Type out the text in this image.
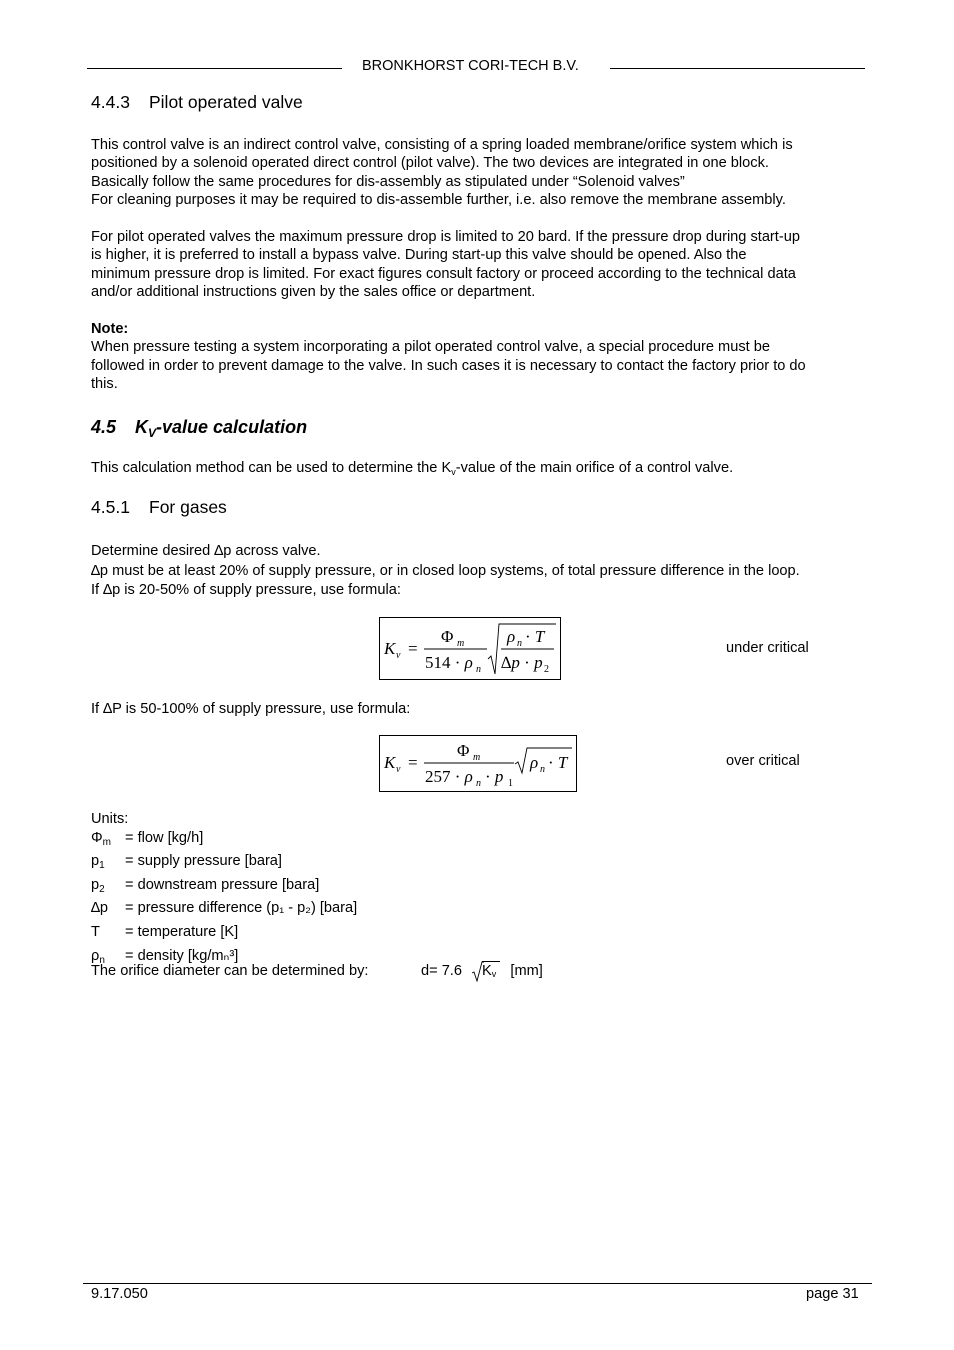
BRONKHORST CORI-TECH B.V.
4.4.3 Pilot operated valve
This control valve is an indirect control valve, consisting of a spring loaded membrane/orifice system which is
positioned by a solenoid operated direct control (pilot valve). The two devices are integrated in one block.
Basically follow the same procedures for dis-assembly as stipulated under “Solenoid valves”
For cleaning purposes it may be required to dis-assemble further, i.e. also remove the membrane assembly.
For pilot operated valves the maximum pressure drop is limited to 20 bard. If the pressure drop during start-up
is higher, it is preferred to install a bypass valve. During start-up this valve should be opened. Also the
minimum pressure drop is limited. For exact figures consult factory or proceed according to the technical data
and/or additional instructions given by the sales office or department.
Note:
When pressure testing a system incorporating a pilot operated control valve, a special procedure must be
followed in order to prevent damage to the valve. In such cases it is necessary to contact the factory prior to do
this.
4.5 $K_V$-value calculation
This calculation method can be used to determine the $K_v$-value of the main orifice of a control valve.
4.5.1 For gases
Determine desired ∆p across valve.
∆p must be at least 20% of supply pressure, or in closed loop systems, of total pressure difference in the loop.
If ∆p is 20-50% of supply pressure, use formula:
K v =
Φ m
514 · ρ n
ρ n · T
∆p · p 2
under critical
If ∆P is 50-100% of supply pressure, use formula:
K v =
Φ m
257 · ρ n · p 1
ρ n · T	over critical
Units:
$\Phi_m$ = flow [kg/h]
$p_1$	= supply pressure [bara]
$p_2$	= downstream pressure [bara]
∆p	= pressure difference (p₁ - p₂) [bara]
T	= temperature [K]
$\rho_n$	= density [kg/mₙ³]
The orifice diameter can be determined by:	d= 7.6 $K_v$ [mm]
9.17.050	page 31
